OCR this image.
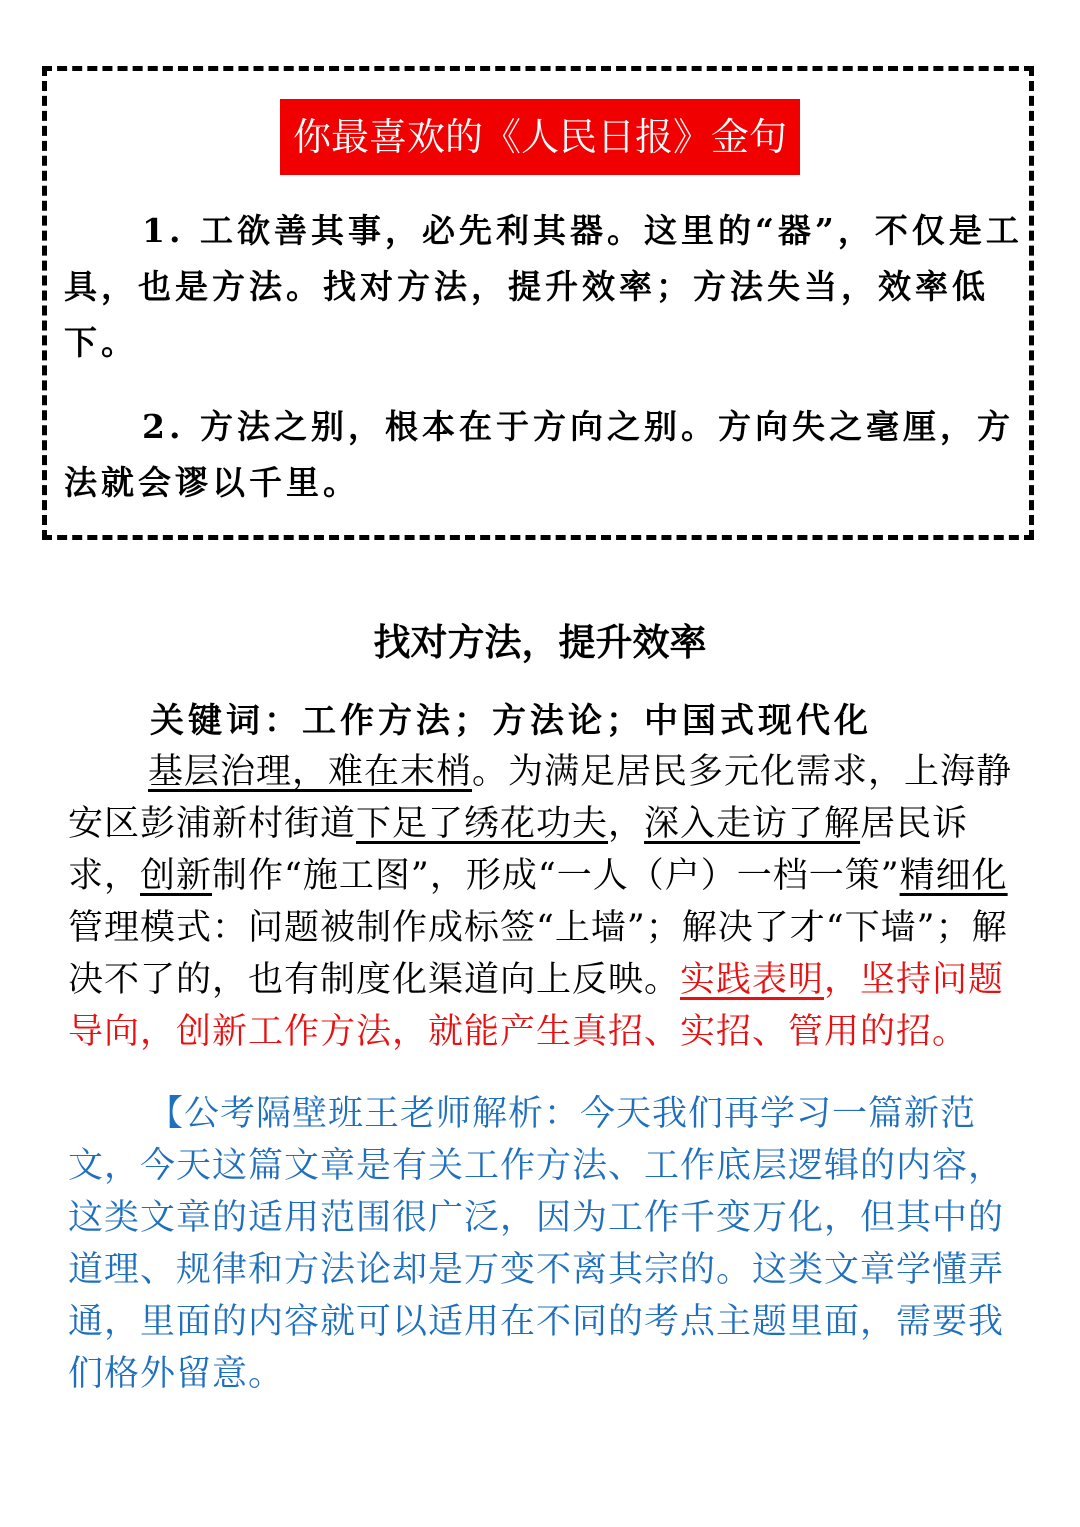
你最喜欢的《人民日报》金句

1. 工欲善其事，必先利其器。这里的“器”，不仅是工具，也是方法。找对方法，提升效率；方法失当，效率低下。

2. 方法之别，根本在于方向之别。方向失之毫厘，方法就会谬以千里。

找对方法，提升效率

关键词：工作方法；方法论；中国式现代化

基层治理，难在末梢。为满足居民多元化需求，上海静安区彭浦新村街道下足了绣花功夫，深入走访了解居民诉求，创新制作“施工图”，形成“一人（户）一档一策”精细化管理模式：问题被制作成标签“上墙”；解决了才“下墙”；解决不了的，也有制度化渠道向上反映。实践表明，坚持问题导向，创新工作方法，就能产生真招、实招、管用的招。

【公考隔壁班王老师解析：今天我们再学习一篇新范文，今天这篇文章是有关工作方法、工作底层逻辑的内容，这类文章的适用范围很广泛，因为工作千变万化，但其中的道理、规律和方法论却是万变不离其宗的。这类文章学懂弄通，里面的内容就可以适用在不同的考点主题里面，需要我们格外留意。
